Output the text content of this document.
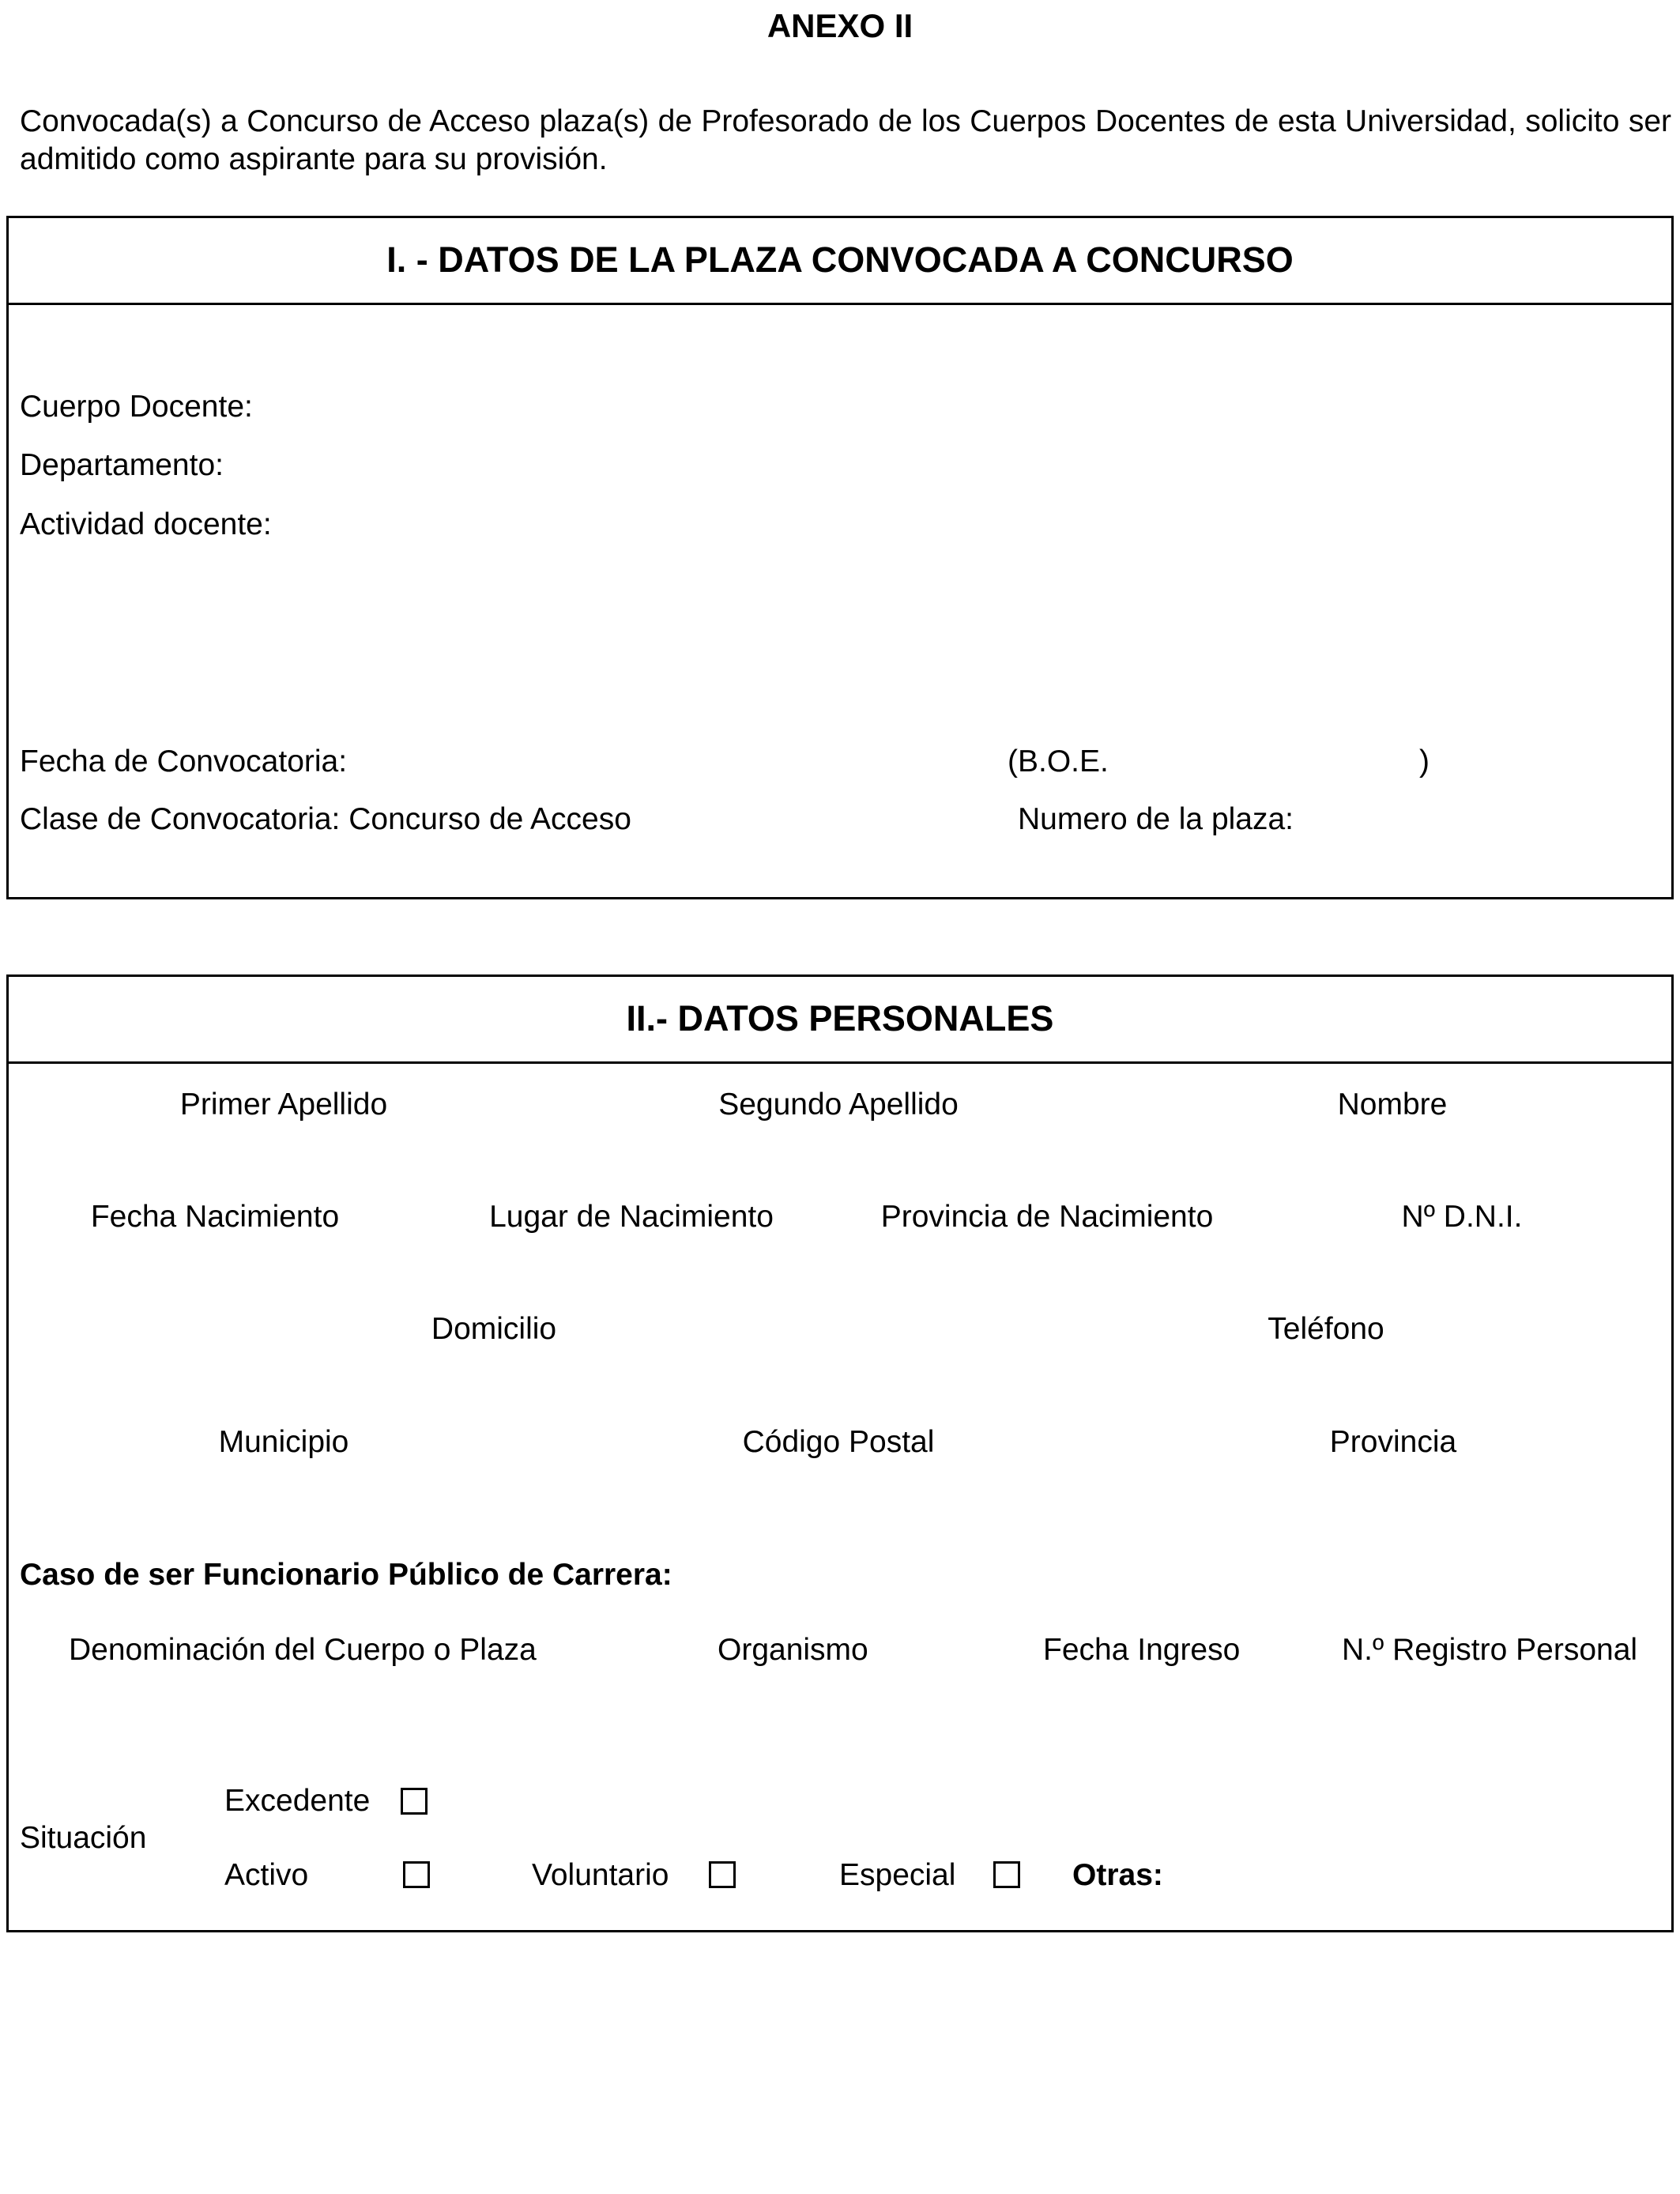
ANEXO II
Convocada(s) a Concurso de Acceso plaza(s) de Profesorado de los Cuerpos Docentes de esta Universidad, solicito ser admitido como aspirante para su provisión.
I. - DATOS DE LA PLAZA CONVOCADA A CONCURSO
Cuerpo Docente:
Departamento:
Actividad docente:
Fecha de Convocatoria:	(B.O.E.	)
Clase de Convocatoria: Concurso de Acceso	Numero de la plaza:
II.- DATOS PERSONALES
Primer Apellido	Segundo Apellido	Nombre
Fecha Nacimiento	Lugar de Nacimiento	Provincia de Nacimiento	Nº D.N.I.
Domicilio	Teléfono
Municipio	Código Postal	Provincia
Caso de ser Funcionario Público de Carrera:
Denominación del Cuerpo o Plaza	Organismo	Fecha Ingreso	N.º Registro Personal
Situación
Excedente
Activo	Voluntario	Especial	Otras:
